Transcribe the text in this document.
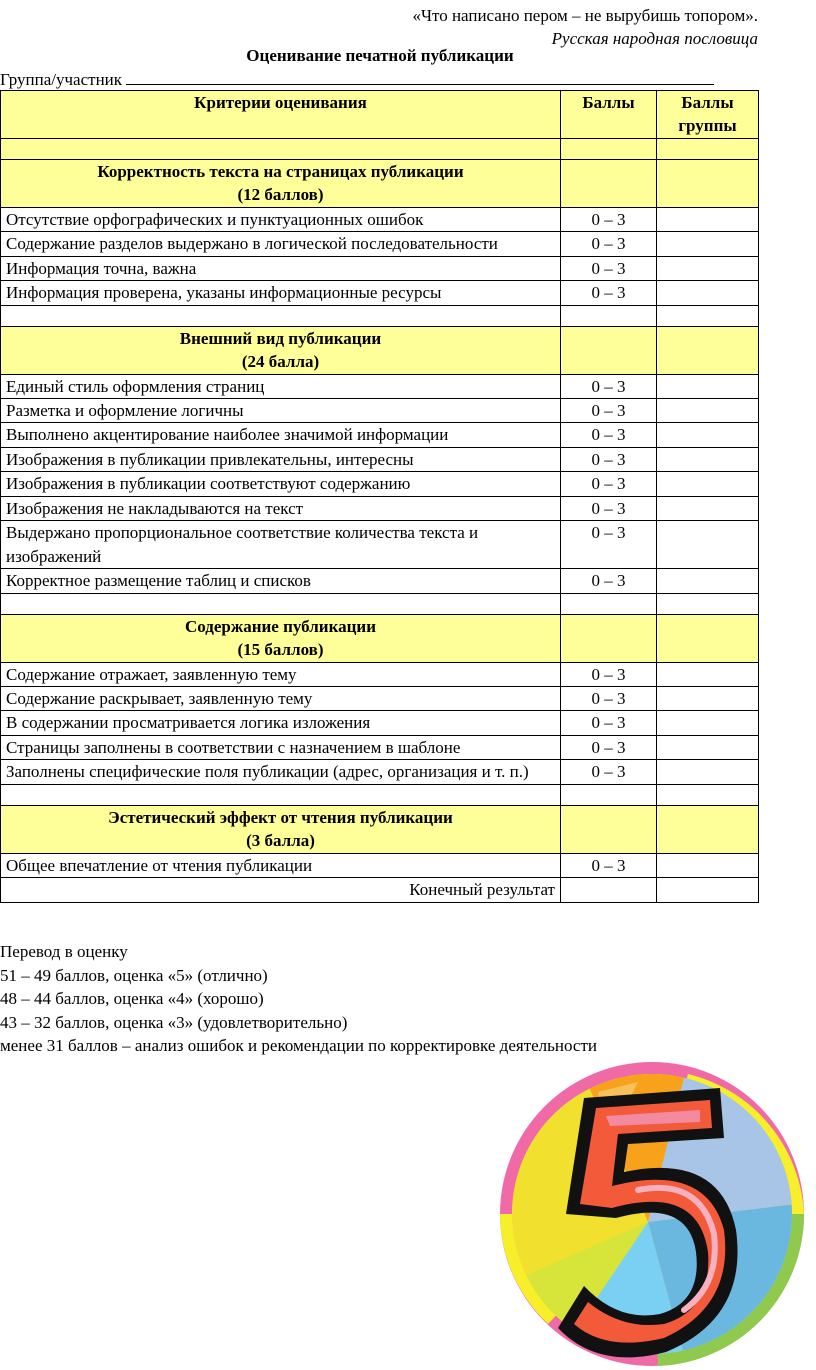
«Что написано пером – не вырубишь топором».
Русская народная пословица
Оценивание печатной публикации
Группа/участник
Критерии оценивания	Баллы	Баллы группы

Корректность текста на страницах публикации
(12 баллов)		

Отсутствие орфографических и пунктуационных ошибок	0 – 3	
Содержание разделов выдержано в логической последовательности	0 – 3	
Информация точна, важна	0 – 3	
Информация проверена, указаны информационные ресурсы	0 – 3	

Внешний вид публикации
(24 балла)		

Единый стиль оформления страниц	0 – 3	
Разметка и оформление логичны	0 – 3	
Выполнено акцентирование наиболее значимой информации	0 – 3	
Изображения в публикации привлекательны, интересны	0 – 3	
Изображения в публикации соответствуют содержанию	0 – 3	
Изображения не накладываются на текст	0 – 3	
Выдержано пропорциональное соответствие количества текста и изображений	0 – 3	
Корректное размещение таблиц и списков	0 – 3	

Содержание публикации
(15 баллов)		

Содержание отражает, заявленную тему	0 – 3	
Содержание раскрывает, заявленную тему	0 – 3	
В содержании просматривается логика изложения	0 – 3	
Страницы заполнены в соответствии с назначением в шаблоне	0 – 3	
Заполнены специфические поля публикации (адрес, организация и т. п.)	0 – 3	

Эстетический эффект от чтения публикации
(3 балла)		

Общее впечатление от чтения публикации	0 – 3	
Конечный результат		
Перевод в оценку
51 – 49 баллов, оценка «5» (отлично)
48 – 44 баллов, оценка «4» (хорошо)
43 – 32 баллов, оценка «3» (удовлетворительно)
менее 31 баллов – анализ ошибок и рекомендации по корректировке деятельности
